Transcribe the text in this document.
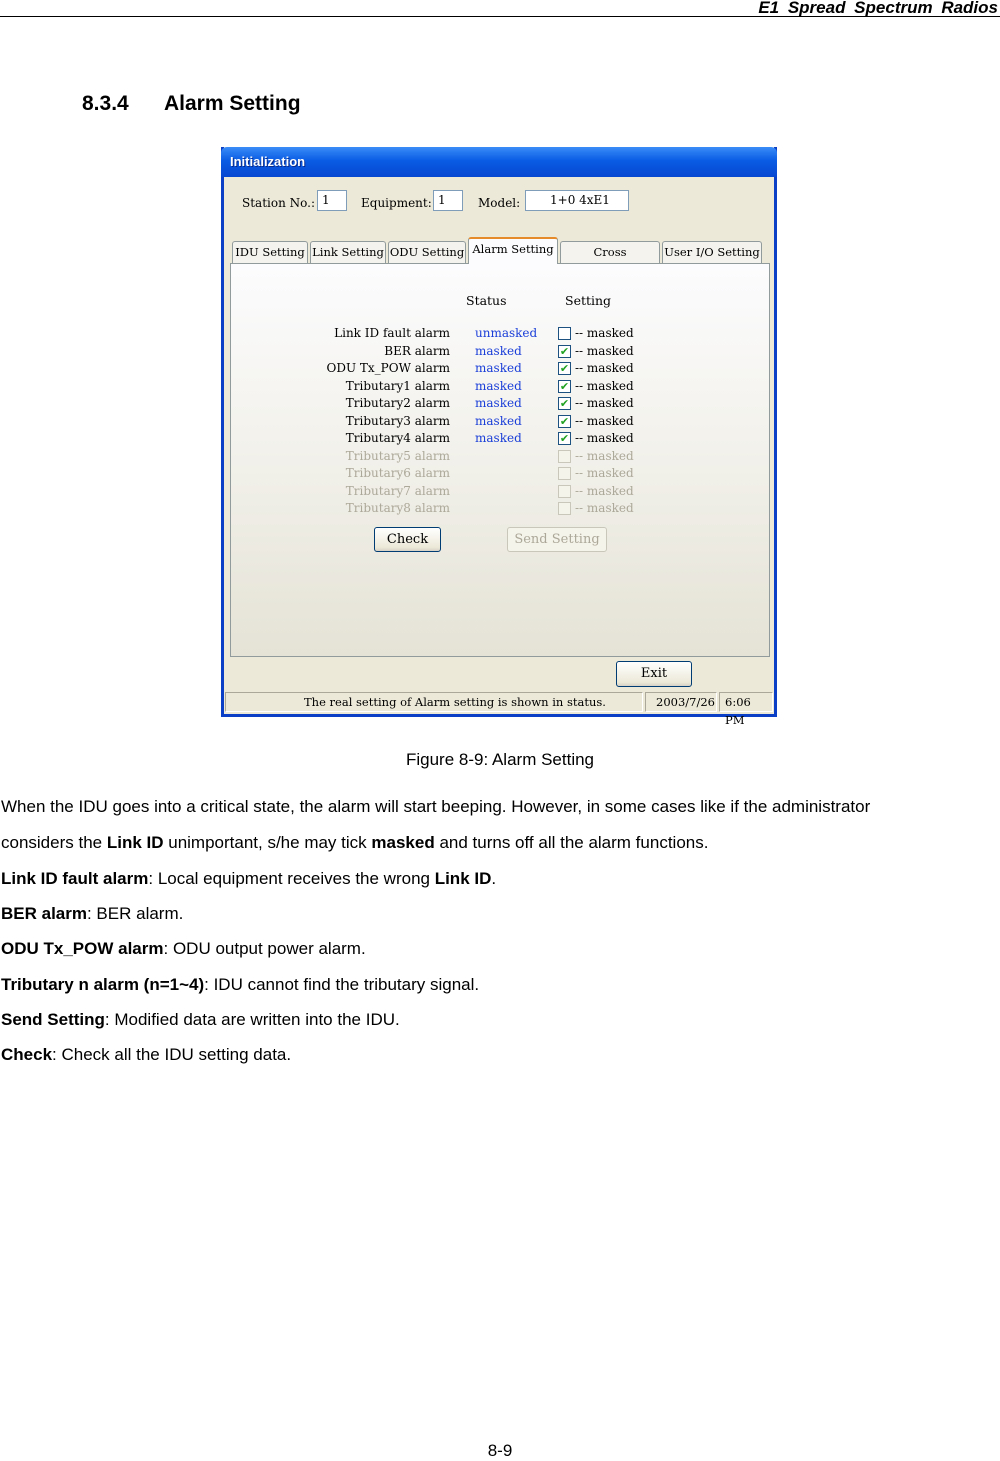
E1 Spread Spectrum Radios
8.3.4 Alarm Setting
Initialization
Station No.: 1	Equipment: 1	Model:	1+0 4xE1
IDU Setting Link Setting ODU Setting Alarm Setting	Cross	User I/O Setting
Status	Setting
Link ID fault alarm unmasked	-- masked
BER alarm masked	✔ -- masked
ODU Tx_POW alarm masked	✔ -- masked
Tributary1 alarm masked	✔ -- masked
Tributary2 alarm masked	✔ -- masked
Tributary3 alarm masked	✔ -- masked
Tributary4 alarm masked	✔ -- masked
Tributary5 alarm	-- masked
Tributary6 alarm	-- masked
Tributary7 alarm	-- masked
Tributary8 alarm	-- masked
Check	Send Setting
Exit
The real setting of Alarm setting is shown in status.	2003/7/26 6:06 PM
Figure 8-9: Alarm Setting
When the IDU goes into a critical state, the alarm will start beeping. However, in some cases like if the administrator
considers the Link ID unimportant, s/he may tick masked and turns off all the alarm functions.
Link ID fault alarm: Local equipment receives the wrong Link ID.
BER alarm: BER alarm.
ODU Tx_POW alarm: ODU output power alarm.
Tributary n alarm (n=1~4): IDU cannot find the tributary signal.
Send Setting: Modified data are written into the IDU.
Check: Check all the IDU setting data.
8-9
